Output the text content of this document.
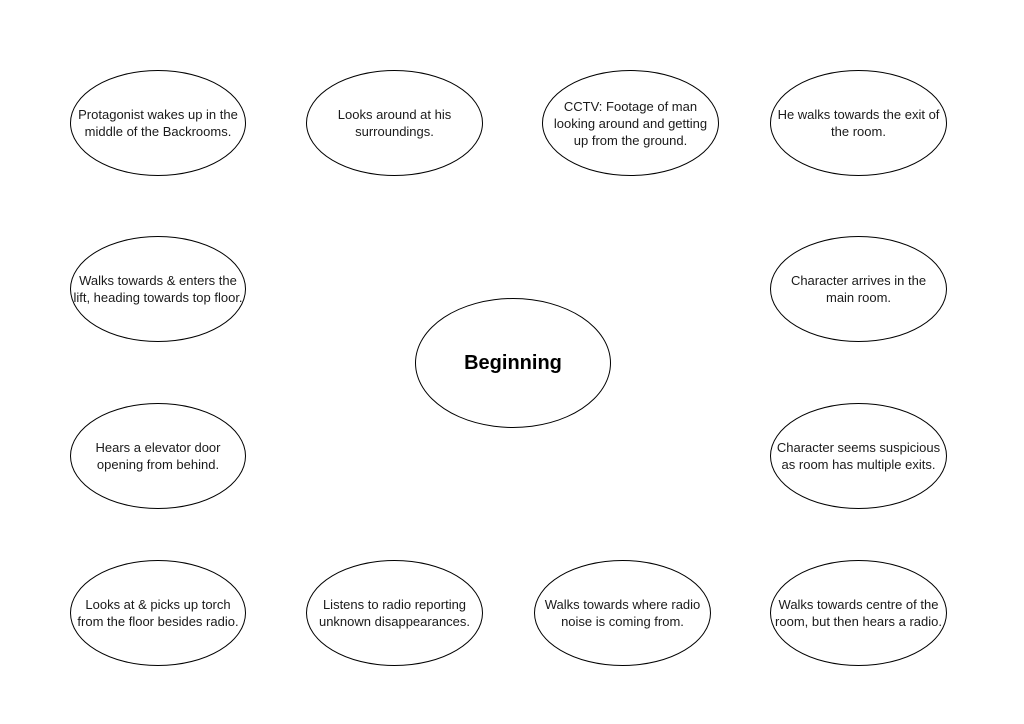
Beginning
Protagonist wakes up in the middle of the Backrooms.
Looks around at his surroundings.
CCTV: Footage of man looking around and getting up from the ground.
He walks towards the exit of the room.
Walks towards & enters the lift, heading towards top floor.
Character arrives in the main room.
Hears a elevator door opening from behind.
Character seems suspicious as room has multiple exits.
Looks at & picks up torch from the floor besides radio.
Listens to radio reporting unknown disappearances.
Walks towards where radio noise is coming from.
Walks towards centre of the room, but then hears a radio.
